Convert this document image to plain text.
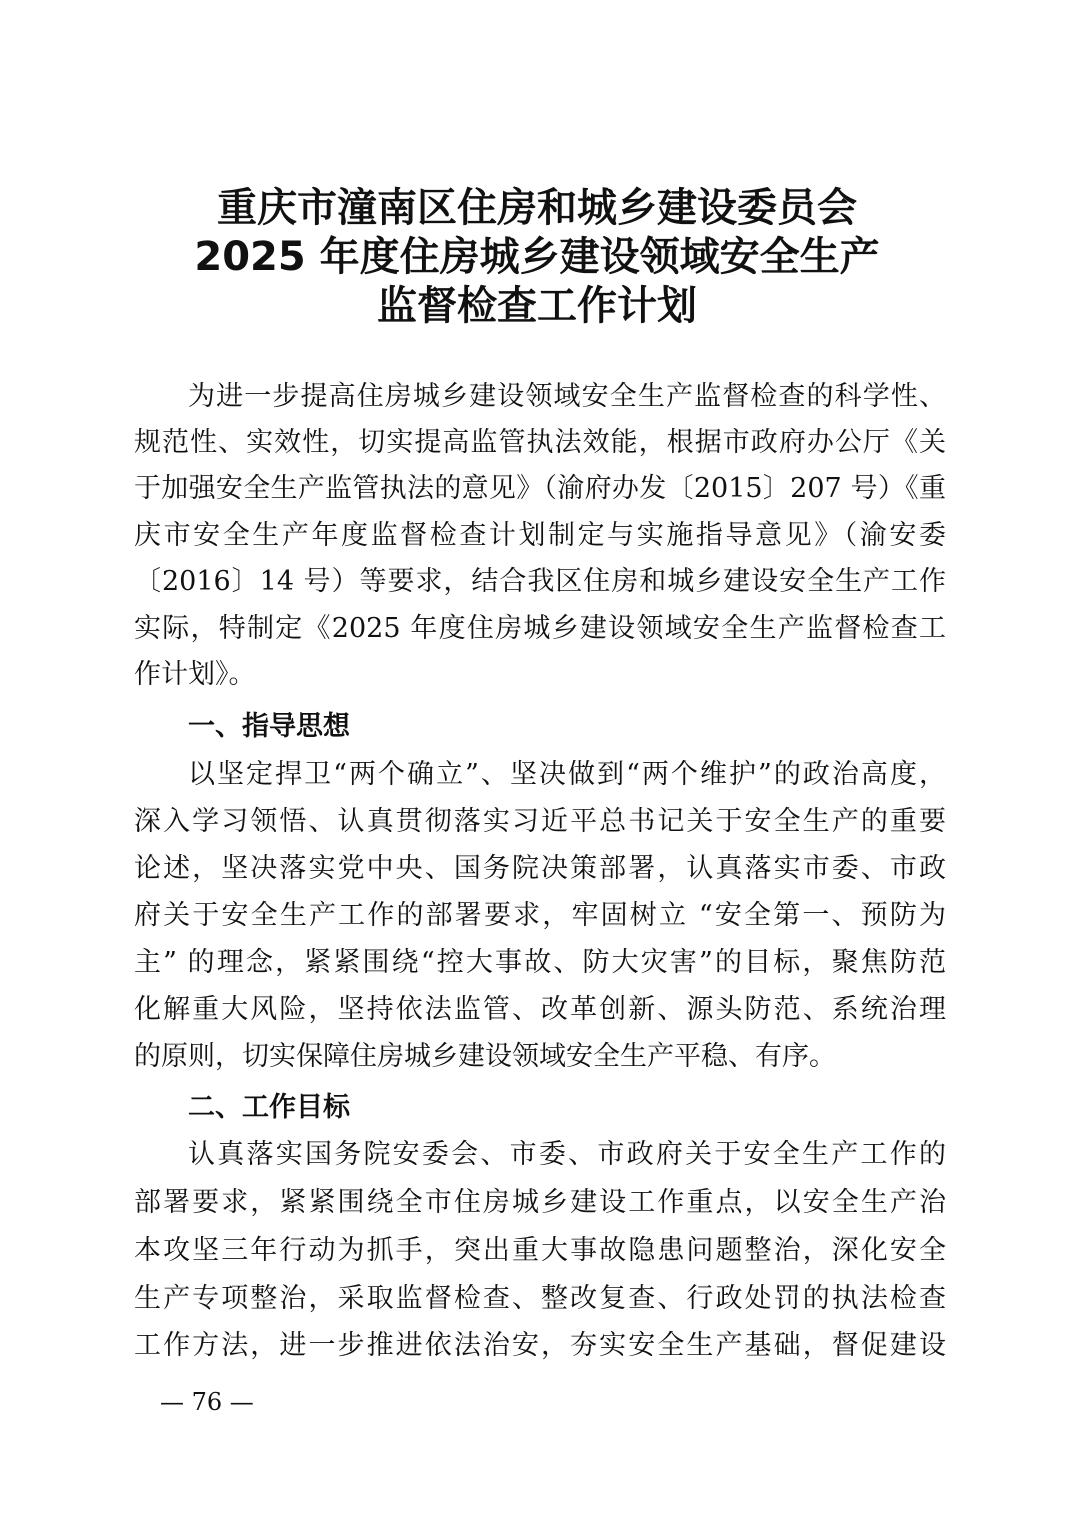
重庆市潼南区住房和城乡建设委员会
2025 年度住房城乡建设领域安全生产
监督检查工作计划

为进一步提高住房城乡建设领域安全生产监督检查的科学性、

规范性、实效性，切实提高监管执法效能，根据市政府办公厅《关

于加强安全生产监管执法的意见》（渝府办发〔2015〕207 号）《重

庆市安全生产年度监督检查计划制定与实施指导意见》（渝安委

〔2016〕14 号）等要求，结合我区住房和城乡建设安全生产工作

实际，特制定《2025 年度住房城乡建设领域安全生产监督检查工

作计划》。

一、指导思想

以坚定捍卫“两个确立”、坚决做到“两个维护”的政治高度，

深入学习领悟、认真贯彻落实习近平总书记关于安全生产的重要

论述，坚决落实党中央、国务院决策部署，认真落实市委、市政

府关于安全生产工作的部署要求，牢固树立 “安全第一、预防为

主” 的理念，紧紧围绕“控大事故、防大灾害”的目标，聚焦防范

化解重大风险，坚持依法监管、改革创新、源头防范、系统治理

的原则，切实保障住房城乡建设领域安全生产平稳、有序。

二、工作目标

认真落实国务院安委会、市委、市政府关于安全生产工作的

部署要求，紧紧围绕全市住房城乡建设工作重点，以安全生产治

本攻坚三年行动为抓手，突出重大事故隐患问题整治，深化安全

生产专项整治，采取监督检查、整改复查、行政处罚的执法检查

工作方法，进一步推进依法治安，夯实安全生产基础，督促建设

— 76 —
